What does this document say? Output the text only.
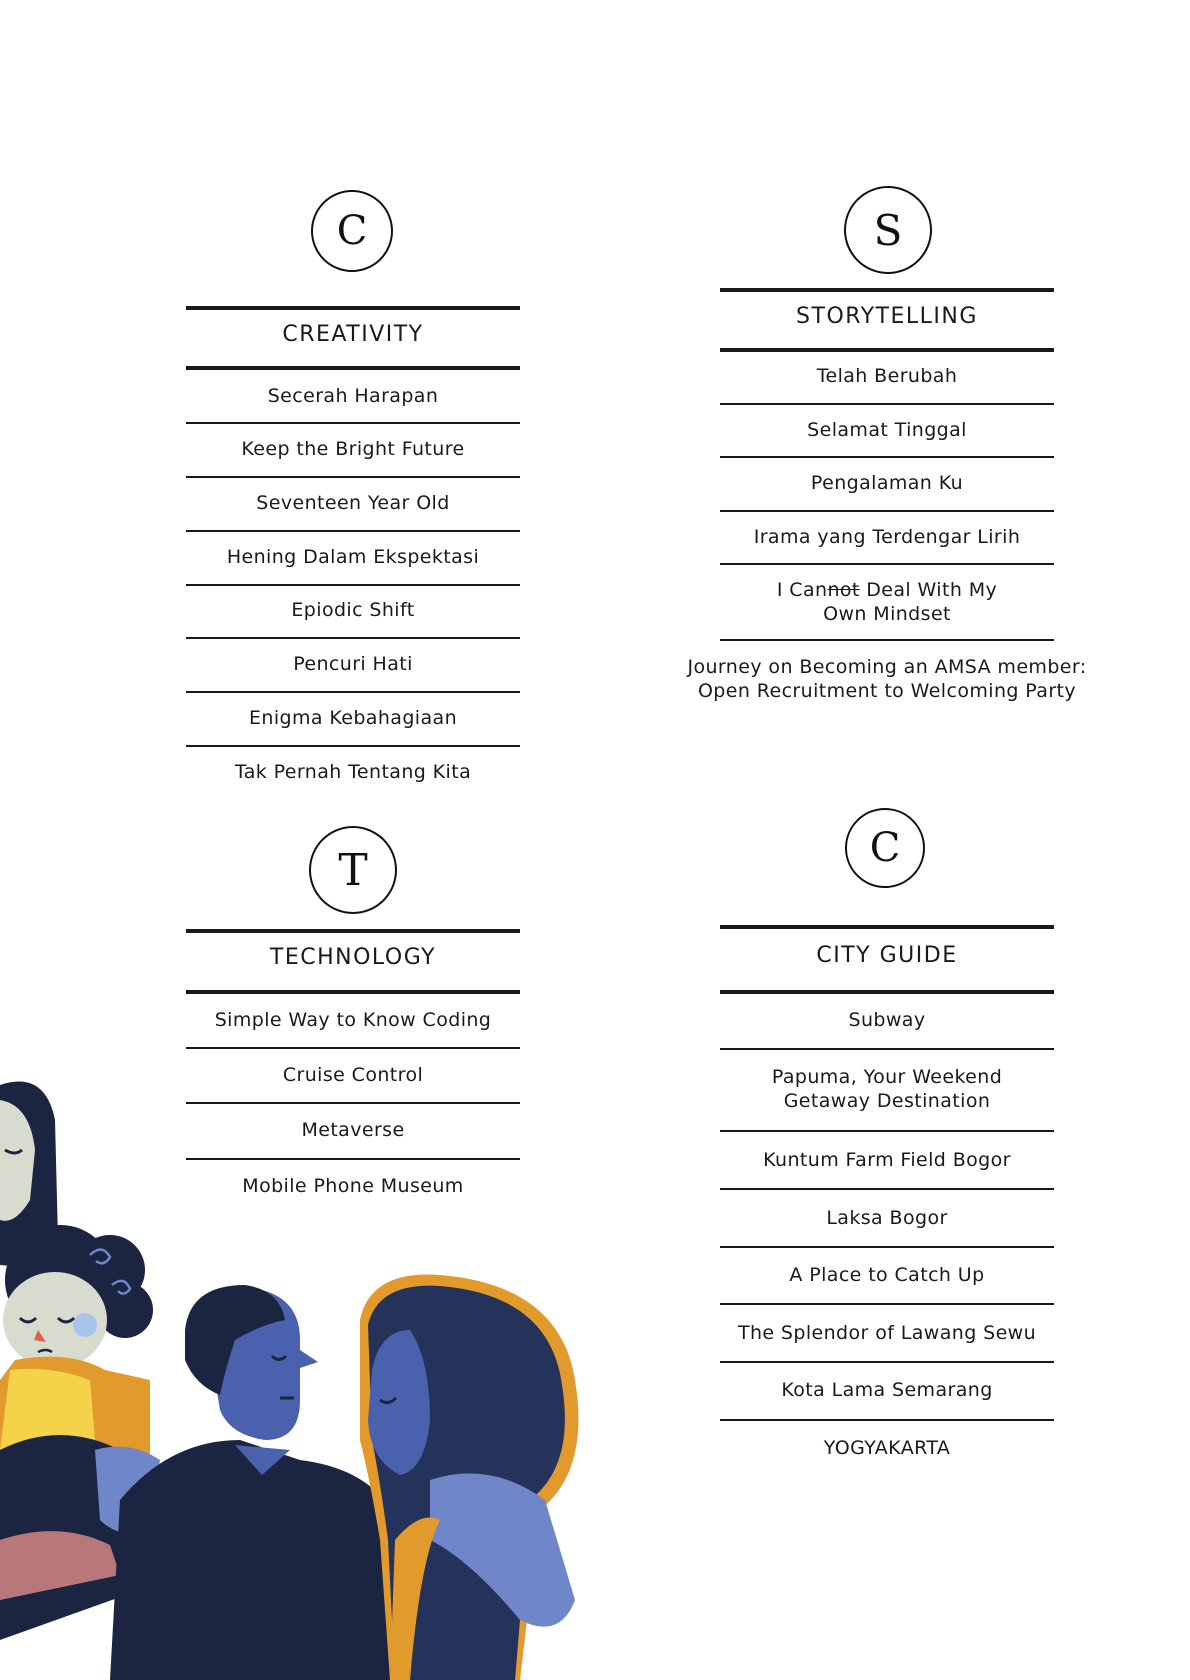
C
CREATIVITY
Secerah Harapan
Keep the Bright Future
Seventeen Year Old
Hening Dalam Ekspektasi
Epiodic Shift
Pencuri Hati
Enigma Kebahagiaan
Tak Pernah Tentang Kita
S
STORYTELLING
Telah Berubah
Selamat Tinggal
Pengalaman Ku
Irama yang Terdengar Lirih
I Cannot Deal With My
Own Mindset
Journey on Becoming an AMSA member:
Open Recruitment to Welcoming Party
T
TECHNOLOGY
Simple Way to Know Coding
Cruise Control
Metaverse
Mobile Phone Museum
C
CITY GUIDE
Subway
Papuma, Your Weekend
Getaway Destination
Kuntum Farm Field Bogor
Laksa Bogor
A Place to Catch Up
The Splendor of Lawang Sewu
Kota Lama Semarang
YOGYAKARTA
